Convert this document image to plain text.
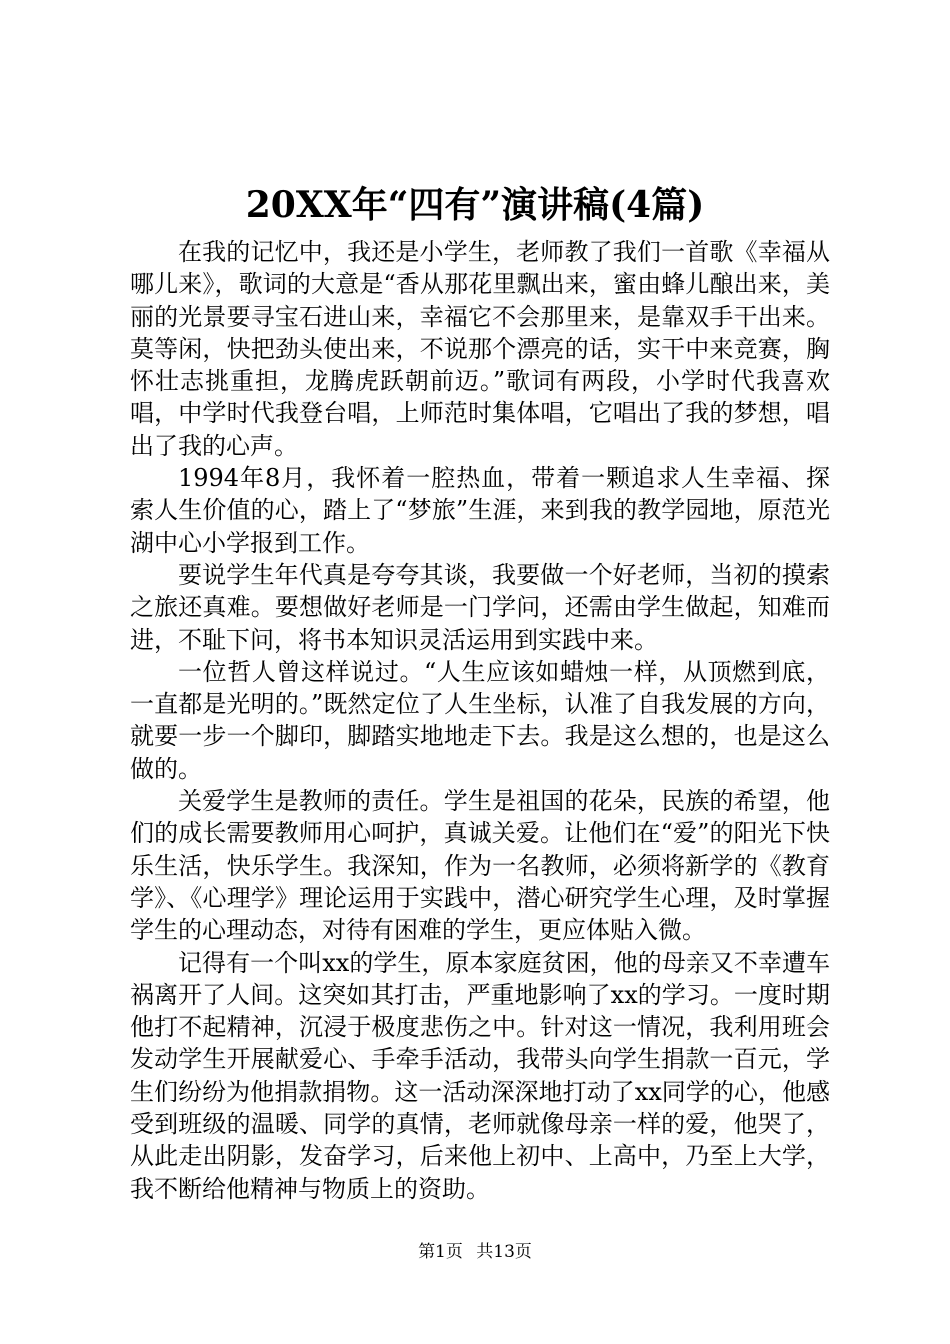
20XX年“四有”演讲稿(4篇)

在我的记忆中，我还是小学生，老师教了我们一首歌《幸福从哪儿来》，歌词的大意是“香从那花里飘出来，蜜由蜂儿酿出来，美丽的光景要寻宝石进山来，幸福它不会那里来，是靠双手干出来。莫等闲，快把劲头使出来，不说那个漂亮的话，实干中来竞赛，胸怀壮志挑重担，龙腾虎跃朝前迈。”歌词有两段，小学时代我喜欢唱，中学时代我登台唱，上师范时集体唱，它唱出了我的梦想，唱出了我的心声。

1994年8月，我怀着一腔热血，带着一颗追求人生幸福、探索人生价值的心，踏上了“梦旅”生涯，来到我的教学园地，原范光湖中心小学报到工作。

要说学生年代真是夸夸其谈，我要做一个好老师，当初的摸索之旅还真难。要想做好老师是一门学问，还需由学生做起，知难而进，不耻下问，将书本知识灵活运用到实践中来。

一位哲人曾这样说过。“人生应该如蜡烛一样，从顶燃到底，一直都是光明的。”既然定位了人生坐标，认准了自我发展的方向，就要一步一个脚印，脚踏实地地走下去。我是这么想的，也是这么做的。

关爱学生是教师的责任。学生是祖国的花朵，民族的希望，他们的成长需要教师用心呵护，真诚关爱。让他们在“爱”的阳光下快乐生活，快乐学生。我深知，作为一名教师，必须将新学的《教育学》、《心理学》理论运用于实践中，潜心研究学生心理，及时掌握学生的心理动态，对待有困难的学生，更应体贴入微。

记得有一个叫xx的学生，原本家庭贫困，他的母亲又不幸遭车祸离开了人间。这突如其打击，严重地影响了xx的学习。一度时期他打不起精神，沉浸于极度悲伤之中。针对这一情况，我利用班会发动学生开展献爱心、手牵手活动，我带头向学生捐款一百元，学生们纷纷为他捐款捐物。这一活动深深地打动了xx同学的心，他感受到班级的温暖、同学的真情，老师就像母亲一样的爱，他哭了，从此走出阴影，发奋学习，后来他上初中、上高中，乃至上大学，我不断给他精神与物质上的资助。

第1页 共13页
